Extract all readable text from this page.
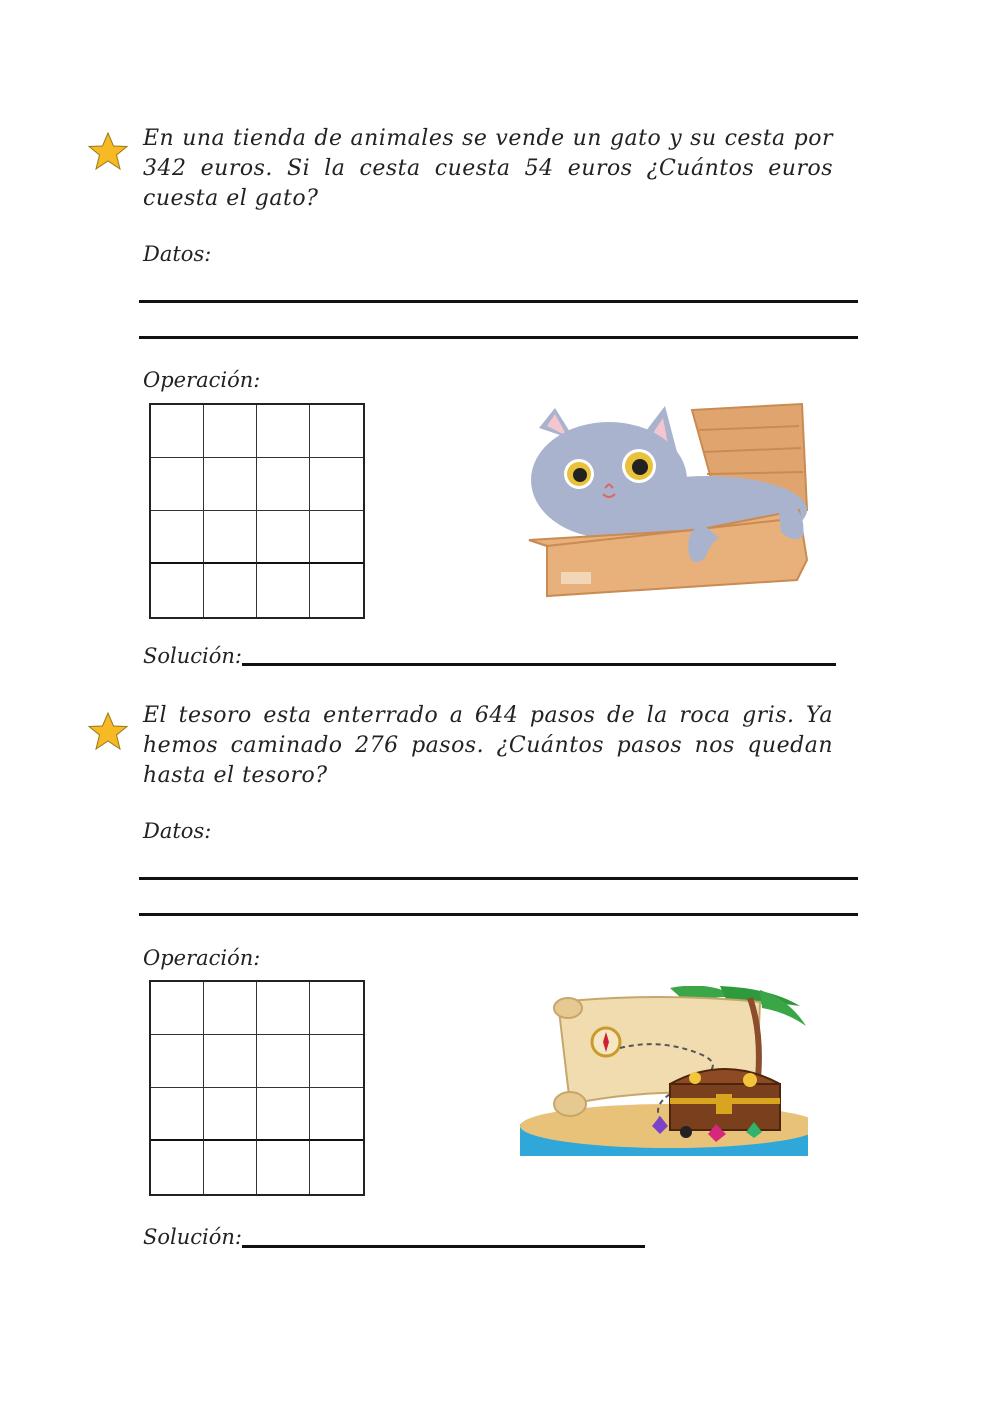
En una tienda de animales se vende un gato y su cesta por 342 euros. Si la cesta cuesta 54 euros ¿Cuántos euros cuesta el gato?
Datos:
Operación:
Solución:
El tesoro esta enterrado a 644 pasos de la roca gris. Ya hemos caminado 276 pasos. ¿Cuántos pasos nos quedan hasta el tesoro?
Datos:
Operación:
Solución:
